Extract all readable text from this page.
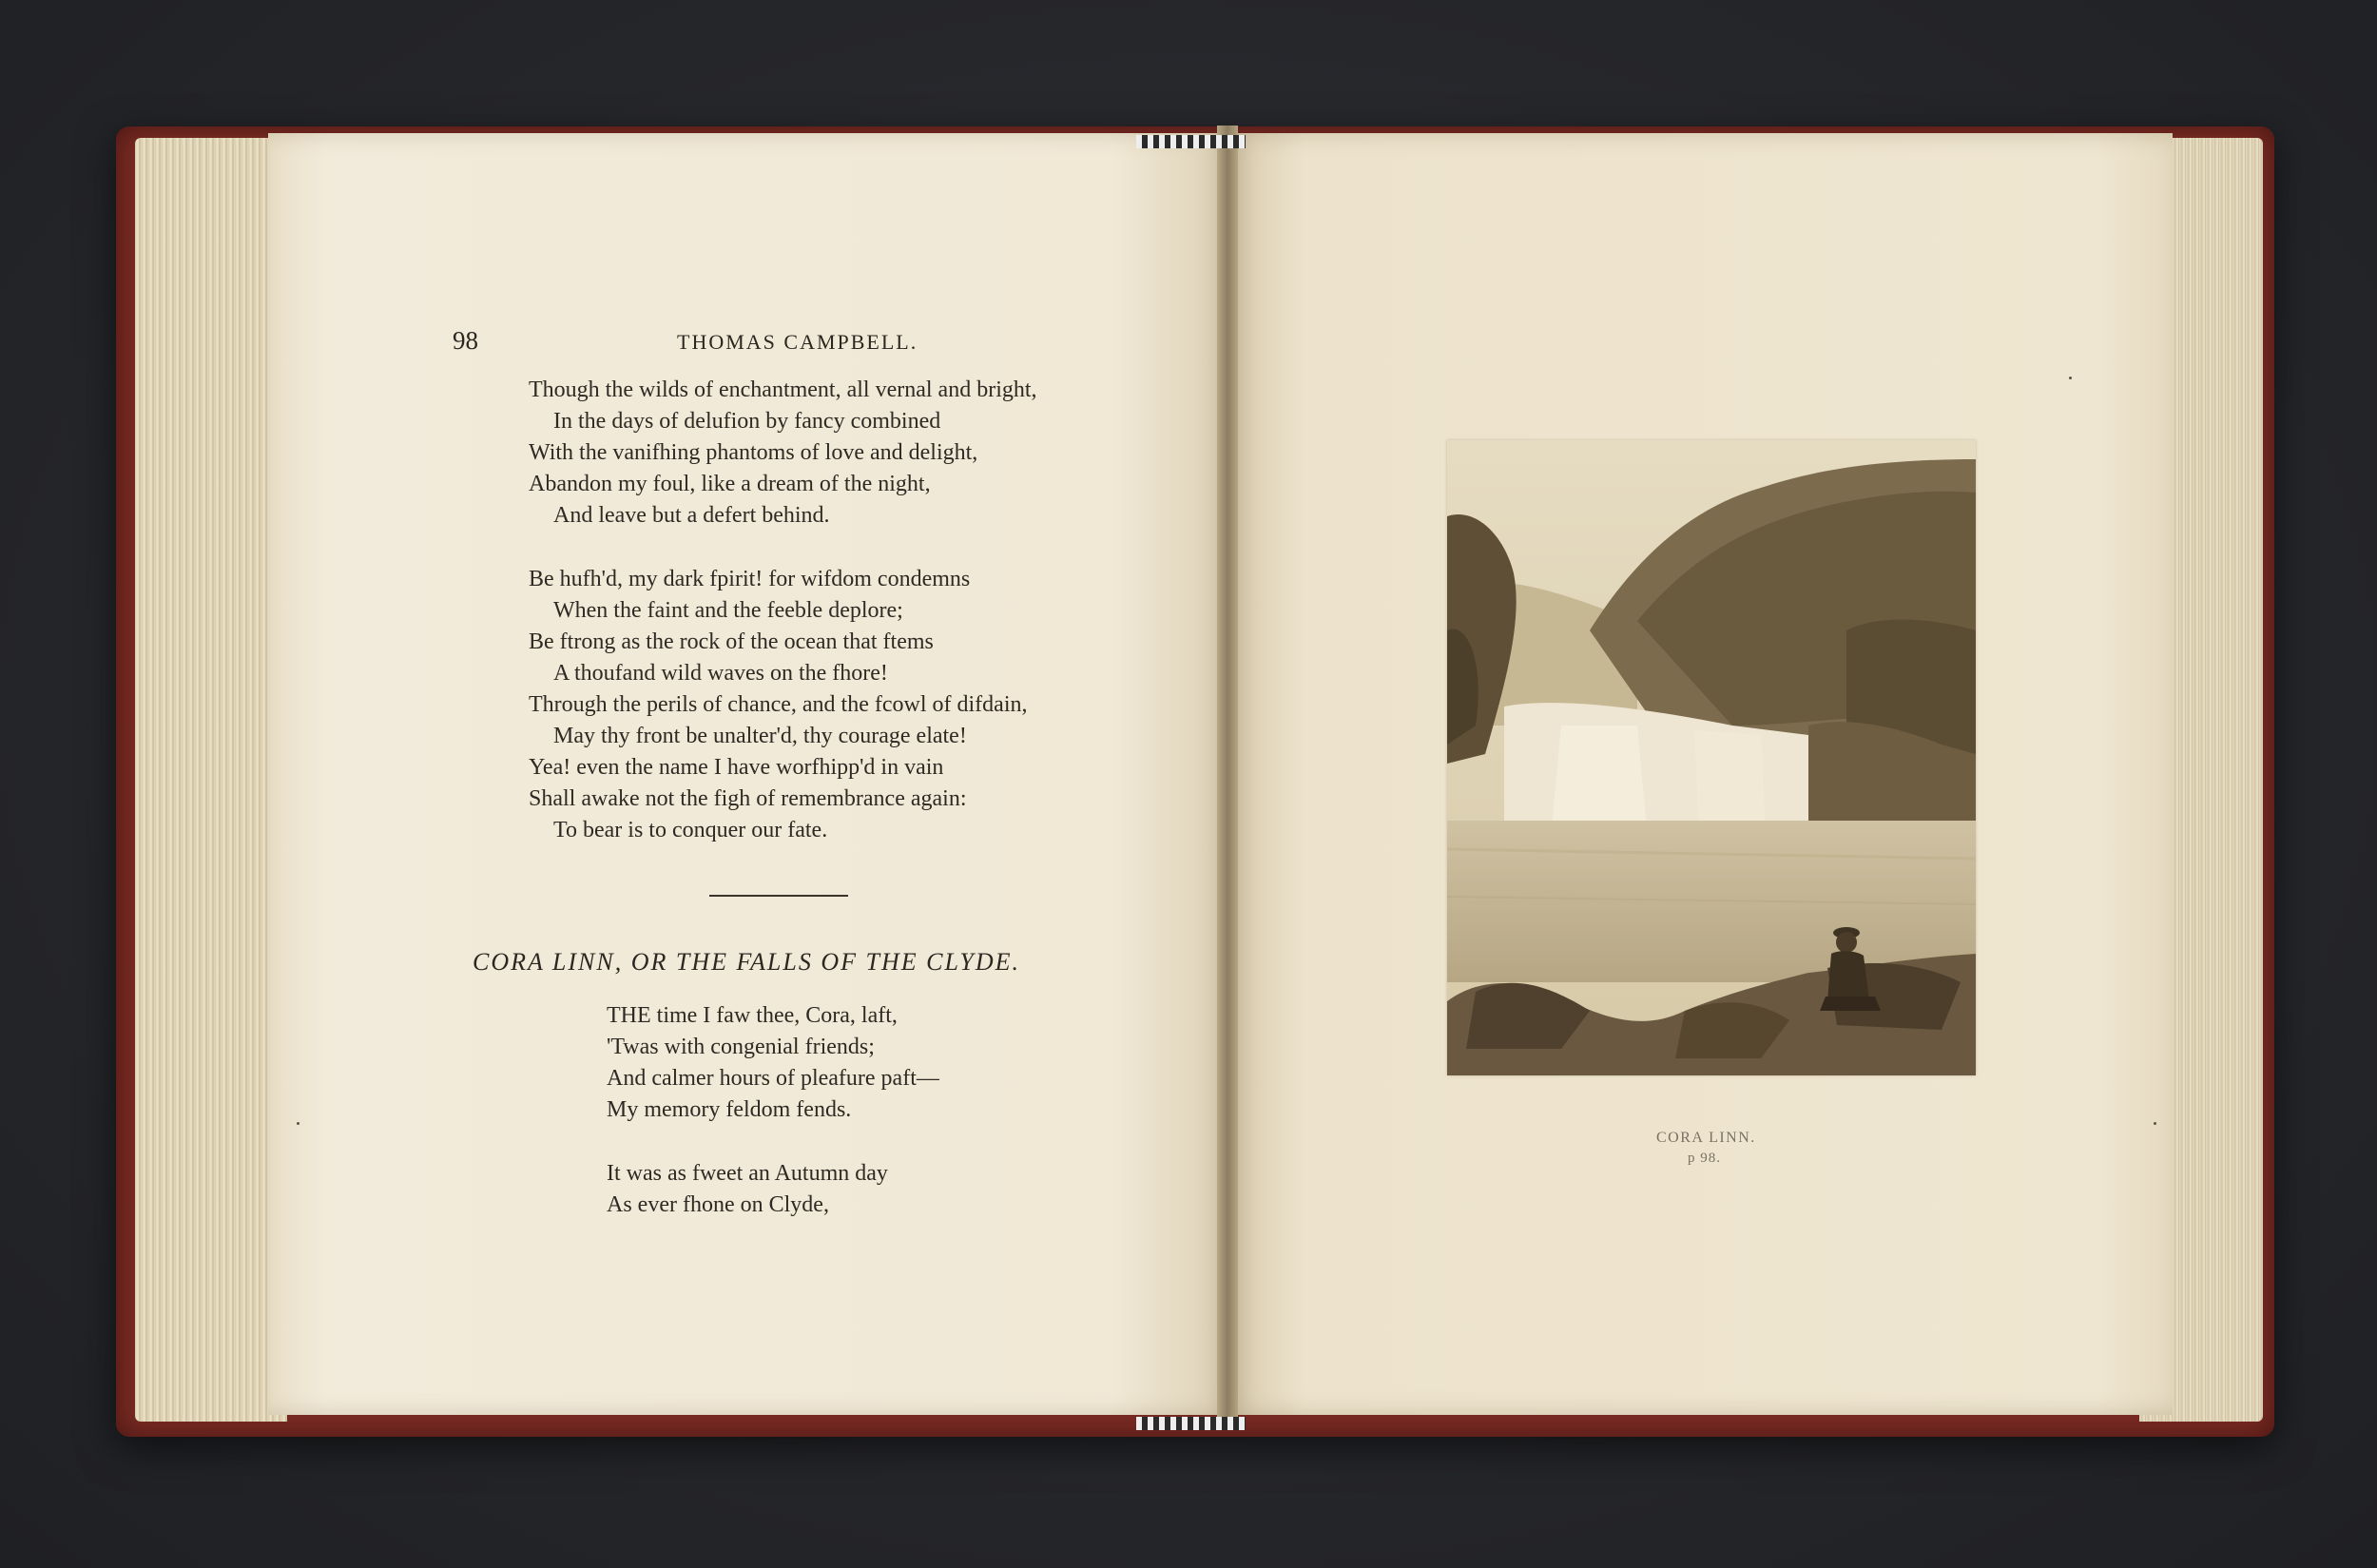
98	THOMAS CAMPBELL.
Though the wilds of enchantment, all vernal and bright,
In the days of delufion by fancy combined
With the vanifhing phantoms of love and delight,
Abandon my foul, like a dream of the night,
And leave but a defert behind.
Be hufh'd, my dark fpirit! for wifdom condemns
When the faint and the feeble deplore;
Be ftrong as the rock of the ocean that ftems
A thoufand wild waves on the fhore!
Through the perils of chance, and the fcowl of difdain,
May thy front be unalter'd, thy courage elate!
Yea! even the name I have worfhipp'd in vain
Shall awake not the figh of remembrance again:
To bear is to conquer our fate.
CORA LINN, OR THE FALLS OF THE CLYDE.
THE time I faw thee, Cora, laft,
'Twas with congenial friends;
And calmer hours of pleafure paft—
My memory feldom fends.
It was as fweet an Autumn day
As ever fhone on Clyde,
CORA LINN.
p 98.
